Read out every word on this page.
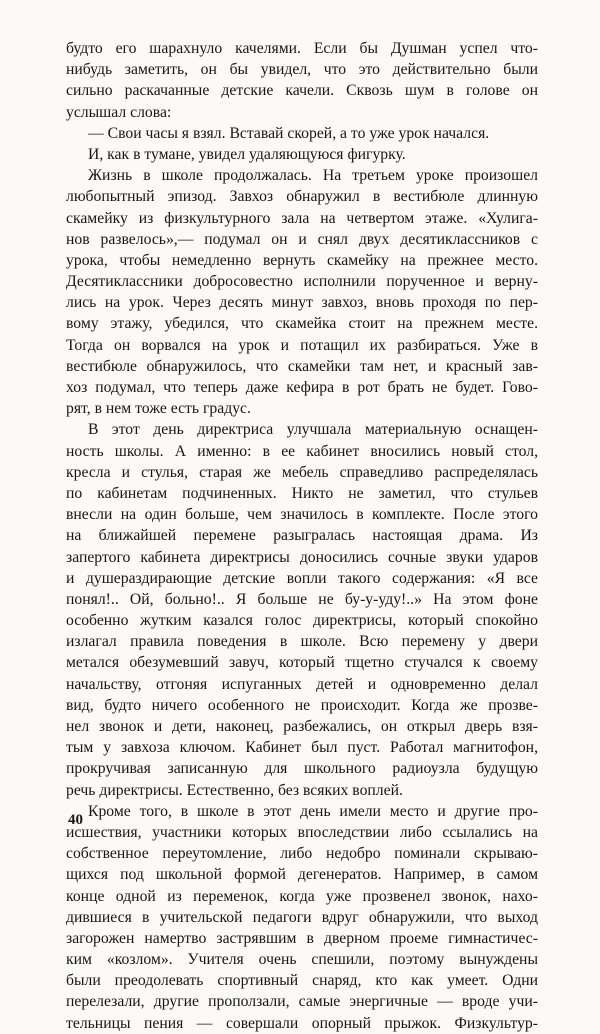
будто его шарахнуло качелями. Если бы Душман успел что-
нибудь заметить, он бы увидел, что это действительно были
сильно раскачанные детские качели. Сквозь шум в голове он
услышал слова:
— Свои часы я взял. Вставай скорей, а то уже урок начался.
И, как в тумане, увидел удаляющуюся фигурку.
Жизнь в школе продолжалась. На третьем уроке произошел
любопытный эпизод. Завхоз обнаружил в вестибюле длинную
скамейку из физкультурного зала на четвертом этаже. «Хулига-
нов развелось»,— подумал он и снял двух десятиклассников с
урока, чтобы немедленно вернуть скамейку на прежнее место.
Десятиклассники добросовестно исполнили порученное и верну-
лись на урок. Через десять минут завхоз, вновь проходя по пер-
вому этажу, убедился, что скамейка стоит на прежнем месте.
Тогда он ворвался на урок и потащил их разбираться. Уже в
вестибюле обнаружилось, что скамейки там нет, и красный зав-
хоз подумал, что теперь даже кефира в рот брать не будет. Гово-
рят, в нем тоже есть градус.
В этот день директриса улучшала материальную оснащен-
ность школы. А именно: в ее кабинет вносились новый стол,
кресла и стулья, старая же мебель справедливо распределялась
по кабинетам подчиненных. Никто не заметил, что стульев
внесли на один больше, чем значилось в комплекте. После этого
на ближайшей перемене разыгралась настоящая драма. Из
запертого кабинета директрисы доносились сочные звуки ударов
и душераздирающие детские вопли такого содержания: «Я все
понял!.. Ой, больно!.. Я больше не бу-у-уду!..» На этом фоне
особенно жутким казался голос директрисы, который спокойно
излагал правила поведения в школе. Всю перемену у двери
метался обезумевший завуч, который тщетно стучался к своему
начальству, отгоняя испуганных детей и одновременно делал
вид, будто ничего особенного не происходит. Когда же прозве-
нел звонок и дети, наконец, разбежались, он открыл дверь взя-
тым у завхоза ключом. Кабинет был пуст. Работал магнитофон,
прокручивая записанную для школьного радиоузла будущую
речь директрисы. Естественно, без всяких воплей.
Кроме того, в школе в этот день имели место и другие про-
исшествия, участники которых впоследствии либо ссылались на
собственное переутомление, либо недобро поминали скрываю-
щихся под школьной формой дегенератов. Например, в самом
конце одной из переменок, когда уже прозвенел звонок, нахо-
дившиеся в учительской педагоги вдруг обнаружили, что выход
загорожен намертво застрявшим в дверном проеме гимнастичес-
ким «козлом». Учителя очень спешили, поэтому вынуждены
были преодолевать спортивный снаряд, кто как умеет. Одни
перелезали, другие проползали, самые энергичные — вроде учи-
тельницы пения — совершали опорный прыжок. Физкультур-
40
